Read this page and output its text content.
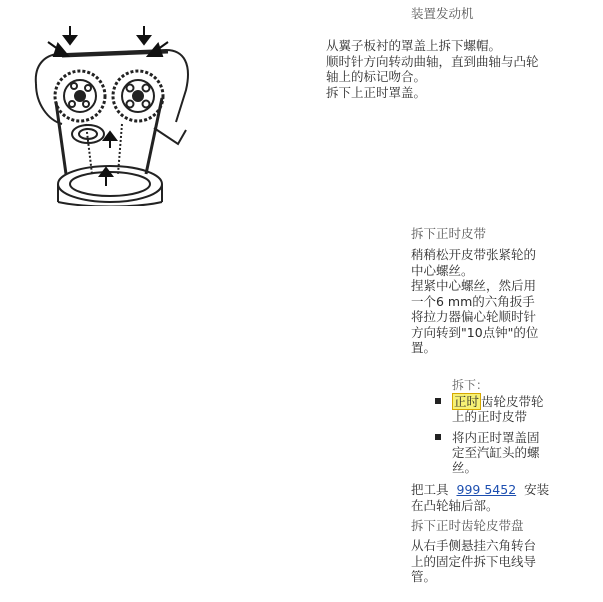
装置发动机
从翼子板衬的罩盖上拆下螺帽。
顺时针方向转动曲轴，直到曲轴与凸轮
轴上的标记吻合。
拆下上正时罩盖。
拆下正时皮带
稍稍松开皮带张紧轮的
中心螺丝。
捏紧中心螺丝，然后用
一个6 mm的六角扳手
将拉力器偏心轮顺时针
方向转到"10点钟"的位
置。
拆下：
正时 齿轮皮带轮
上的正时皮带
将内正时罩盖固
定至汽缸头的螺
丝。
把工具 999 5452 安装
在凸轮轴后部。
拆下正时齿轮皮带盘
从右手侧悬挂六角转台
上的固定件拆下电线导
管。
